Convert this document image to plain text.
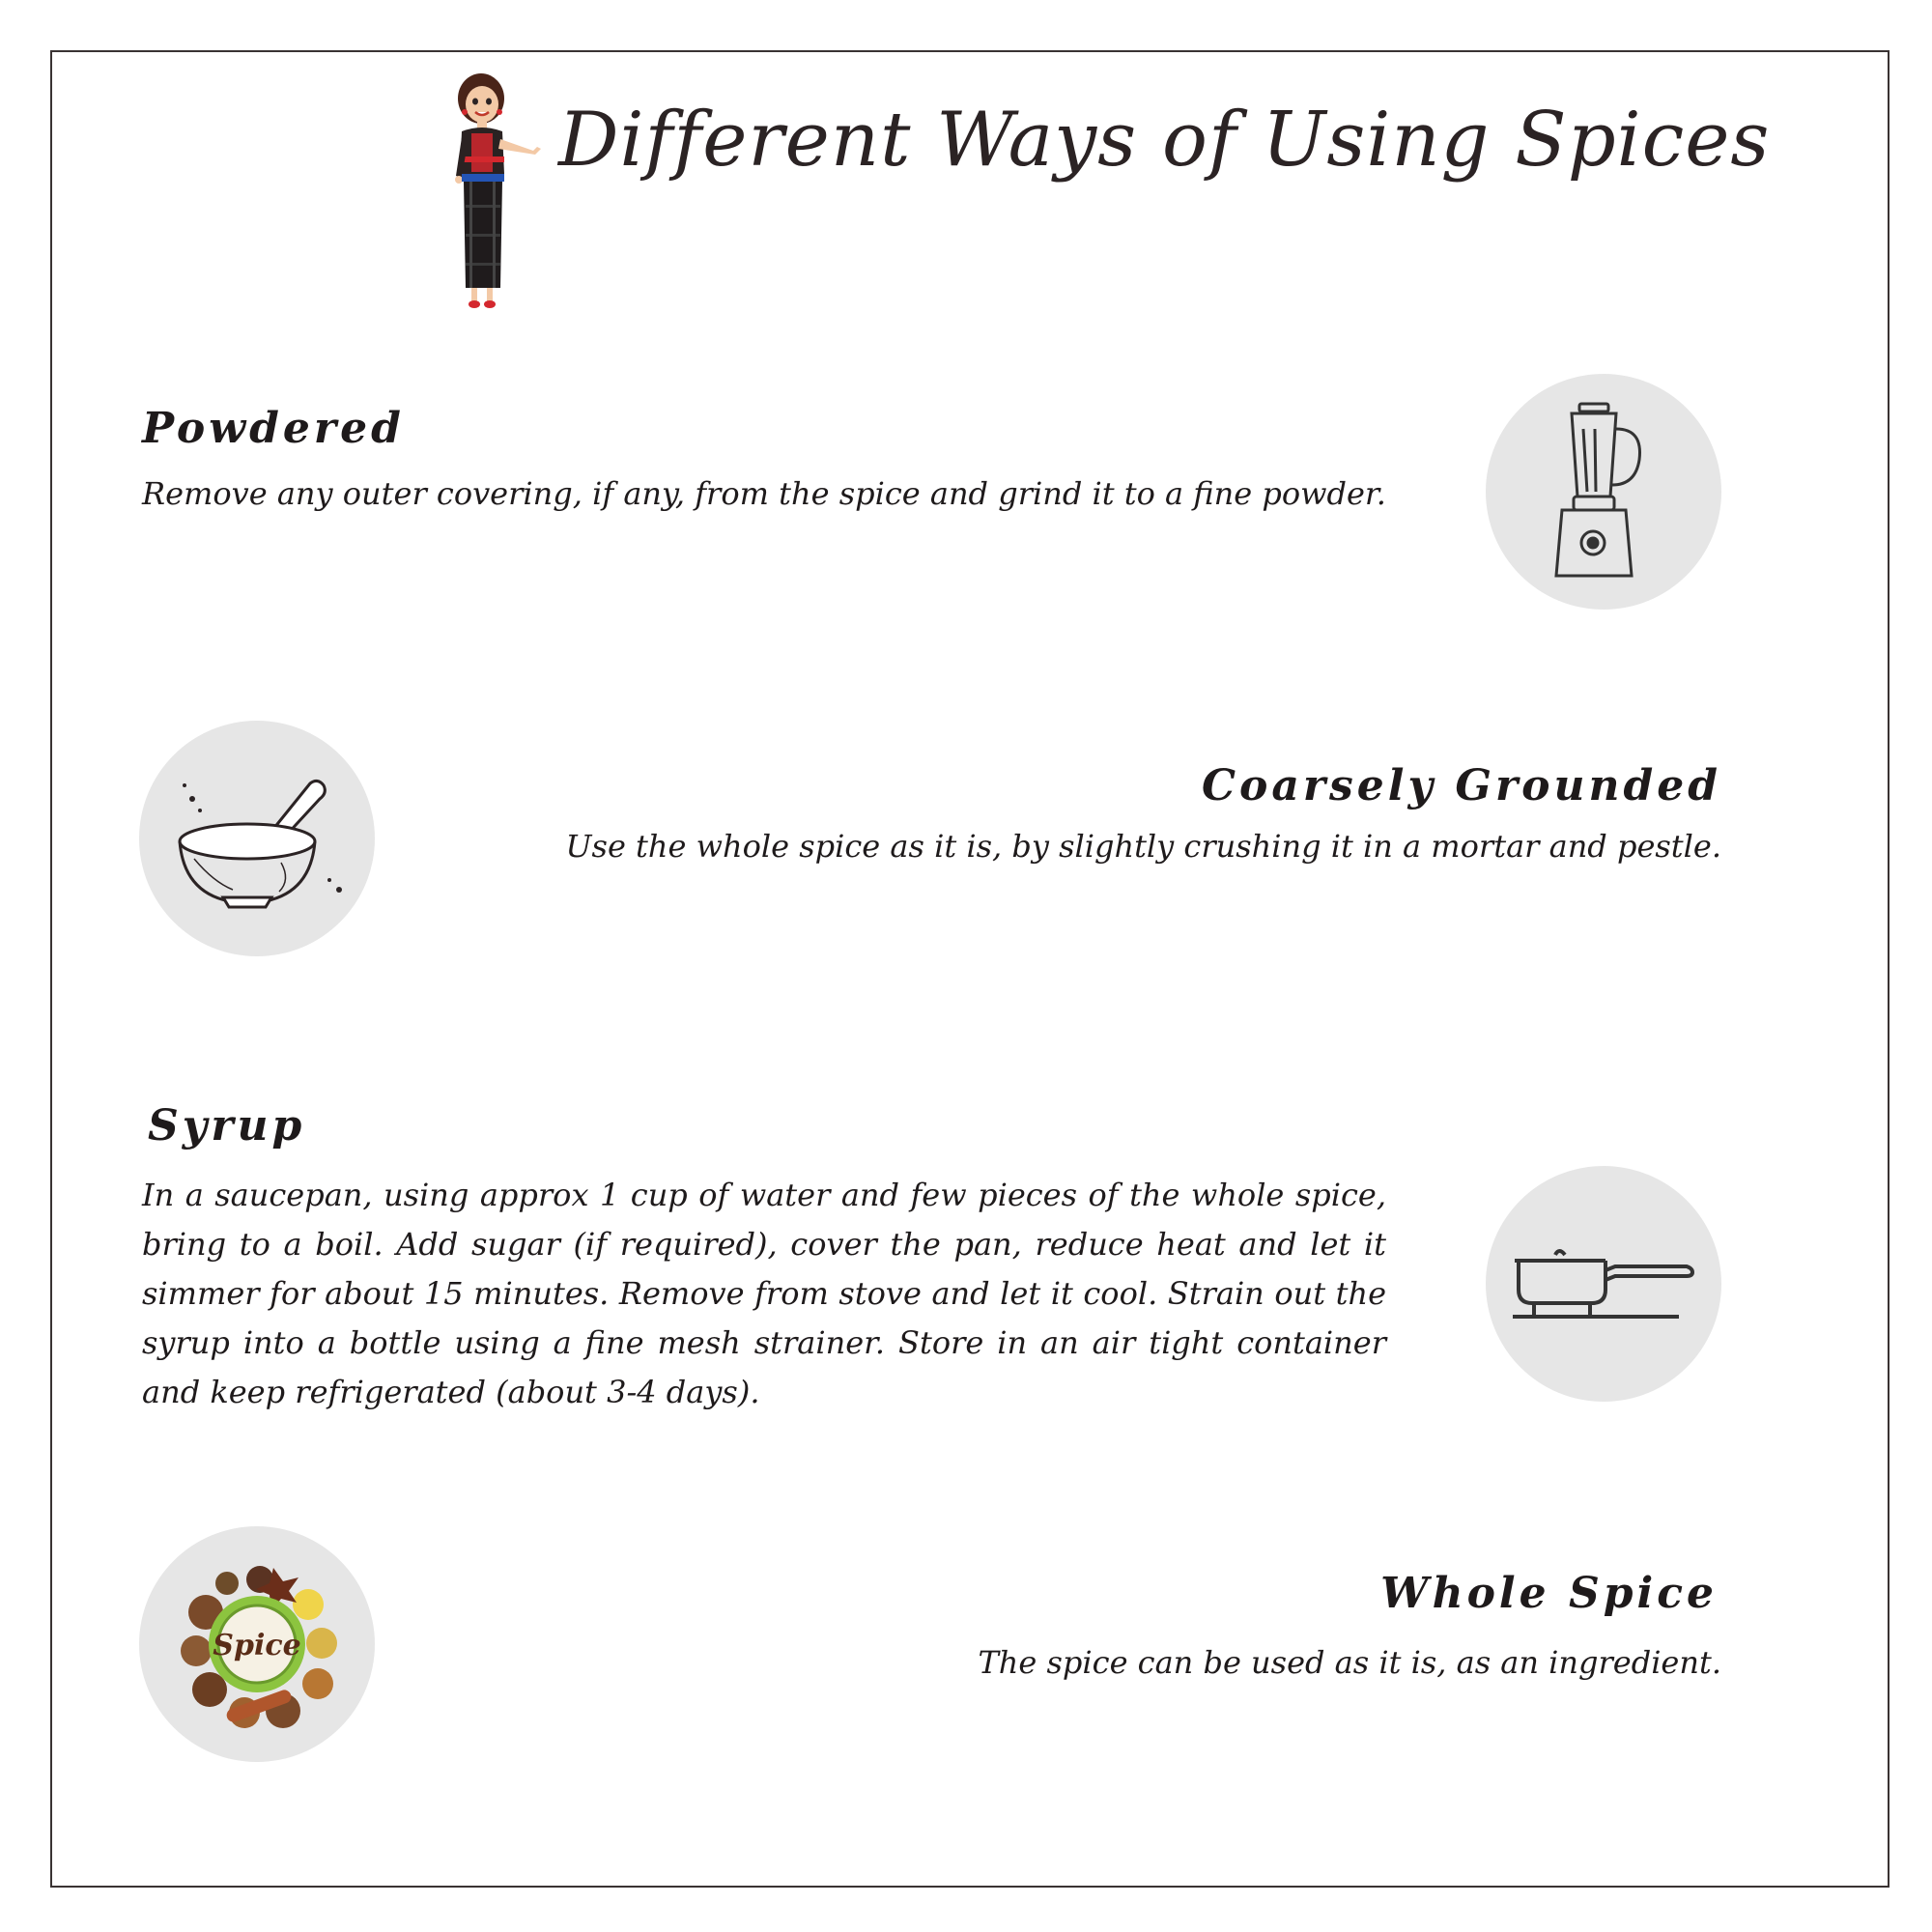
Different Ways of Using Spices
Powdered

Remove any outer covering, if any, from the spice and grind it to a fine powder.

Coarsely Grounded

Use the whole spice as it is, by slightly crushing it in a mortar and pestle.

Syrup

In a saucepan, using approx 1 cup of water and few pieces of the whole spice, bring to a boil. Add sugar (if required), cover the pan, reduce heat and let it simmer for about 15 minutes. Remove from stove and let it cool. Strain out the syrup into a bottle using a fine mesh strainer. Store in an air tight container and keep refrigerated (about 3-4 days).

Spice
Whole Spice

The spice can be used as it is, as an ingredient.
